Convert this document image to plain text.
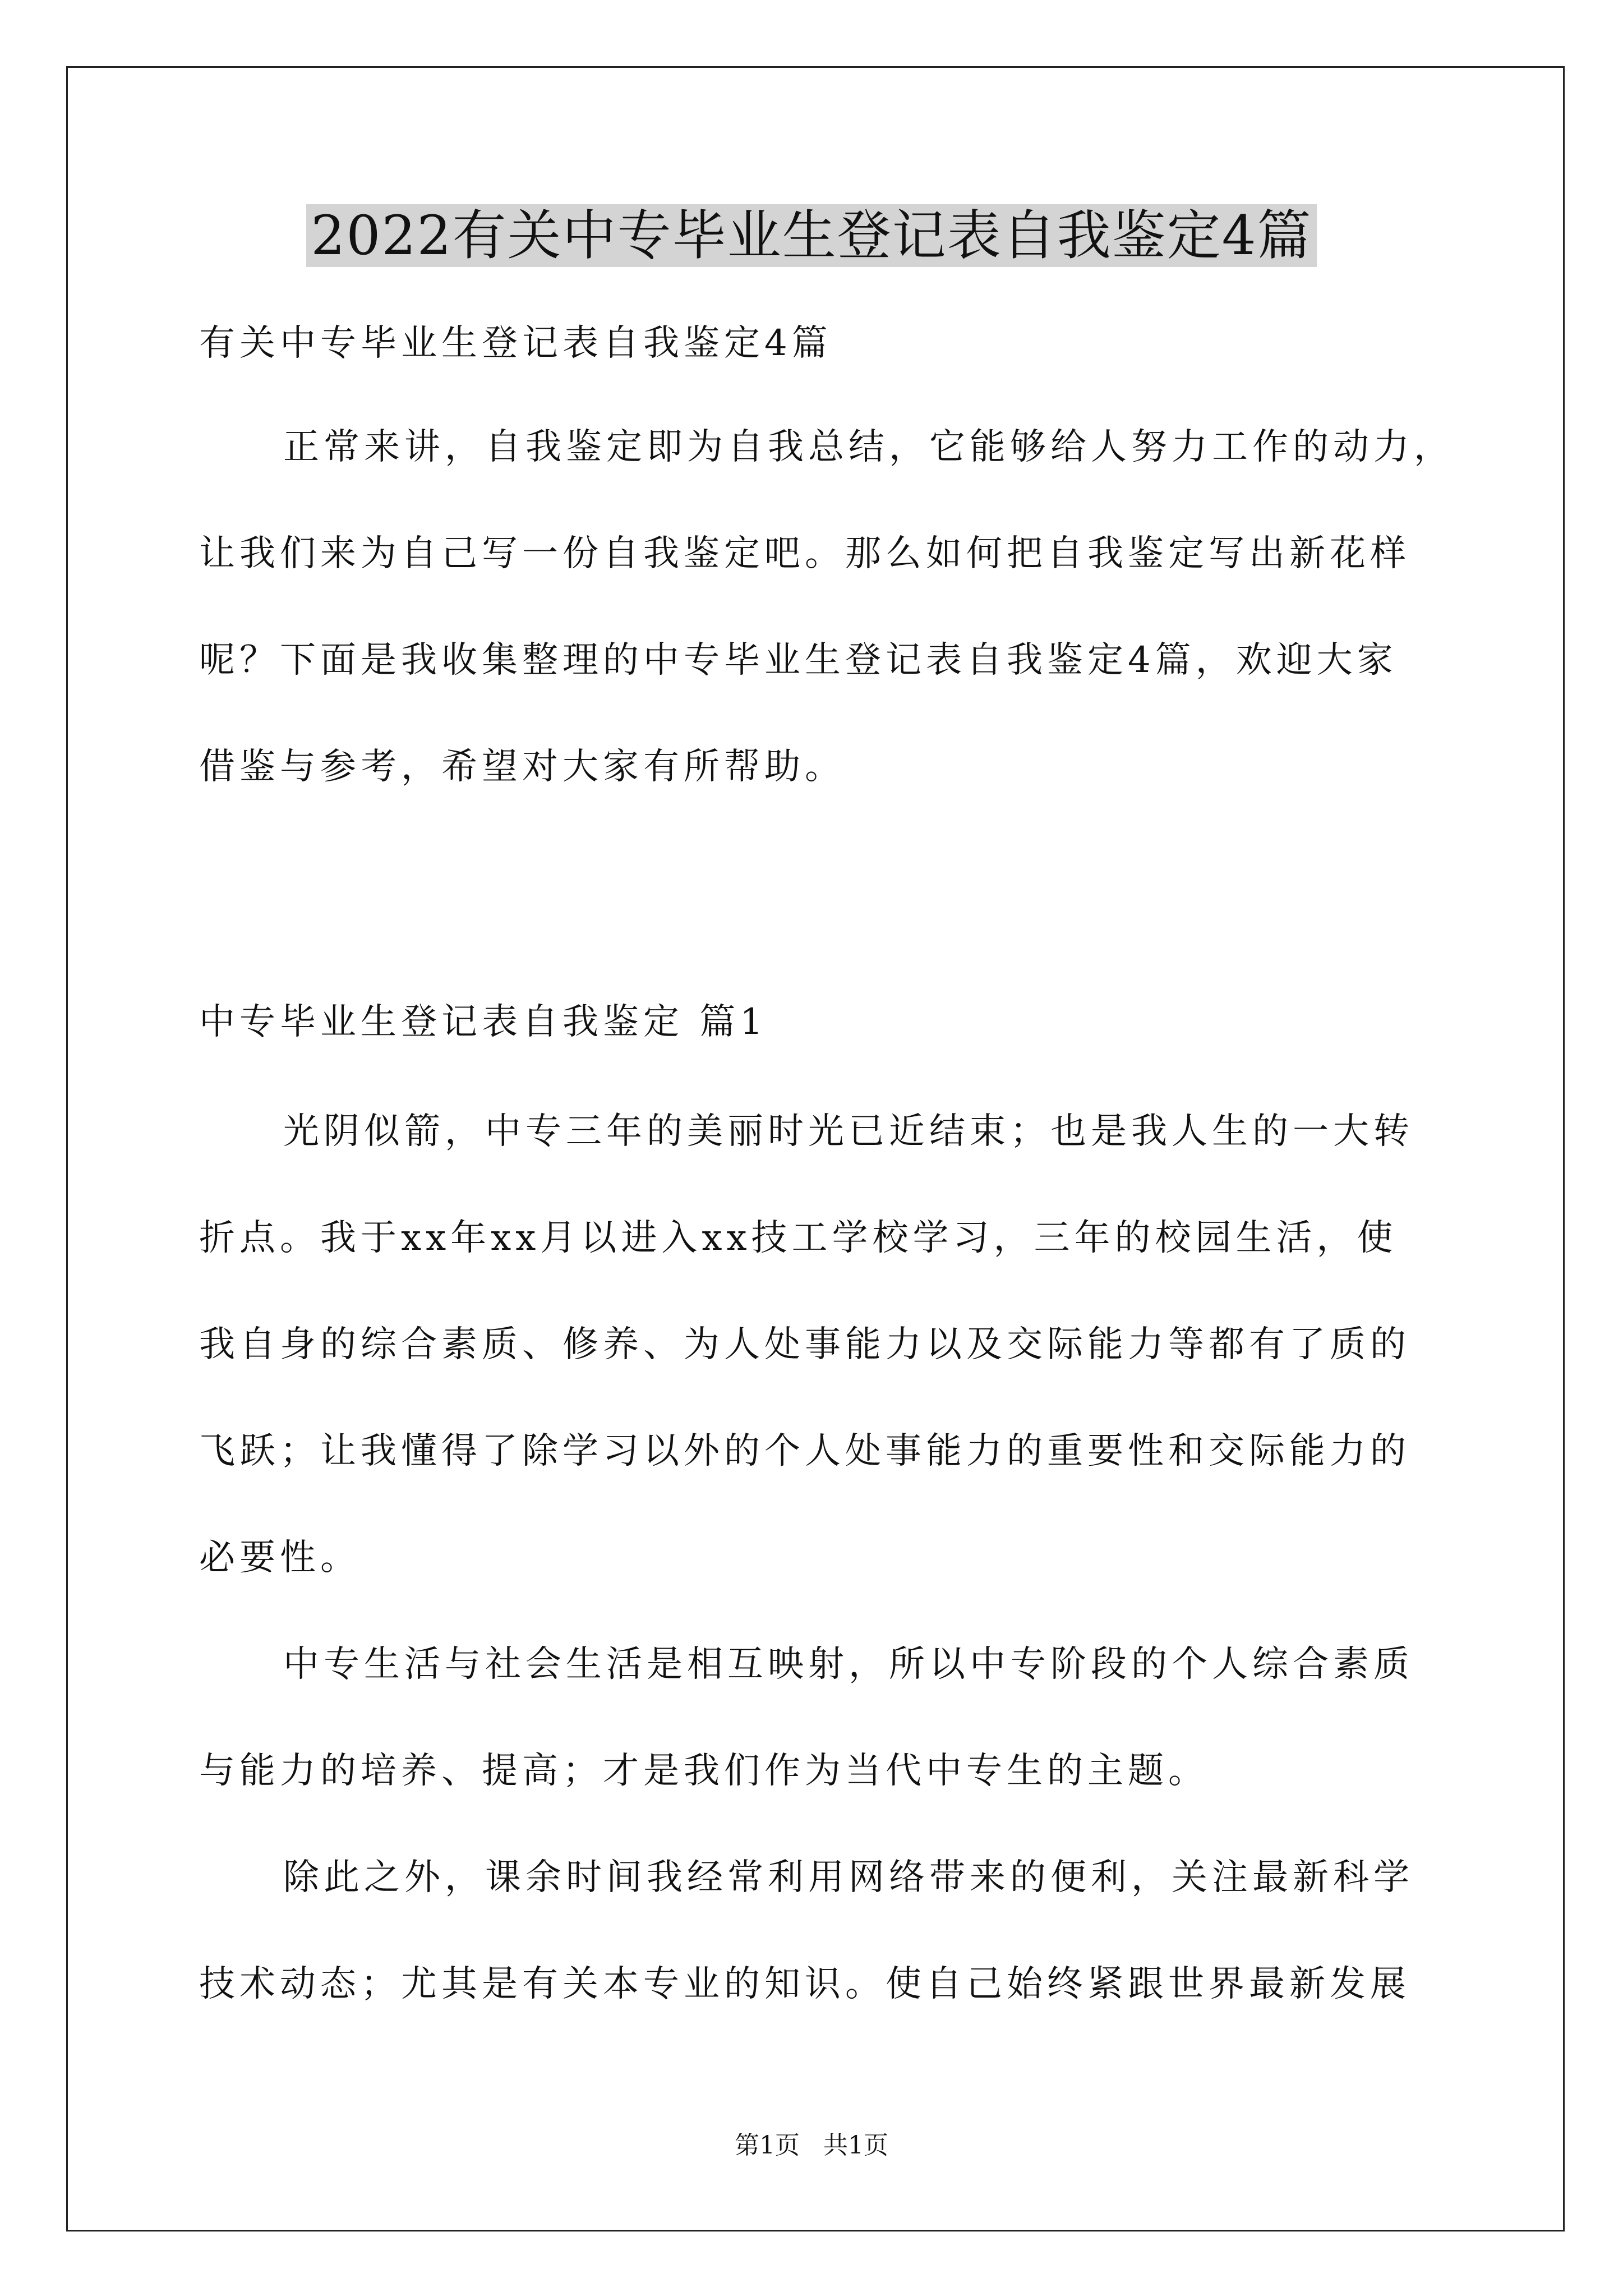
2022有关中专毕业生登记表自我鉴定4篇
有关中专毕业生登记表自我鉴定4篇
正常来讲，自我鉴定即为自我总结，它能够给人努力工作的动力，
让我们来为自己写一份自我鉴定吧。那么如何把自我鉴定写出新花样
呢？下面是我收集整理的中专毕业生登记表自我鉴定4篇，欢迎大家
借鉴与参考，希望对大家有所帮助。
中专毕业生登记表自我鉴定 篇1
光阴似箭，中专三年的美丽时光已近结束；也是我人生的一大转
折点。我于xx年xx月以进入xx技工学校学习，三年的校园生活，使
我自身的综合素质、修养、为人处事能力以及交际能力等都有了质的
飞跃；让我懂得了除学习以外的个人处事能力的重要性和交际能力的
必要性。
中专生活与社会生活是相互映射，所以中专阶段的个人综合素质
与能力的培养、提高；才是我们作为当代中专生的主题。
除此之外，课余时间我经常利用网络带来的便利，关注最新科学
技术动态；尤其是有关本专业的知识。使自己始终紧跟世界最新发展
第1页   共1页
